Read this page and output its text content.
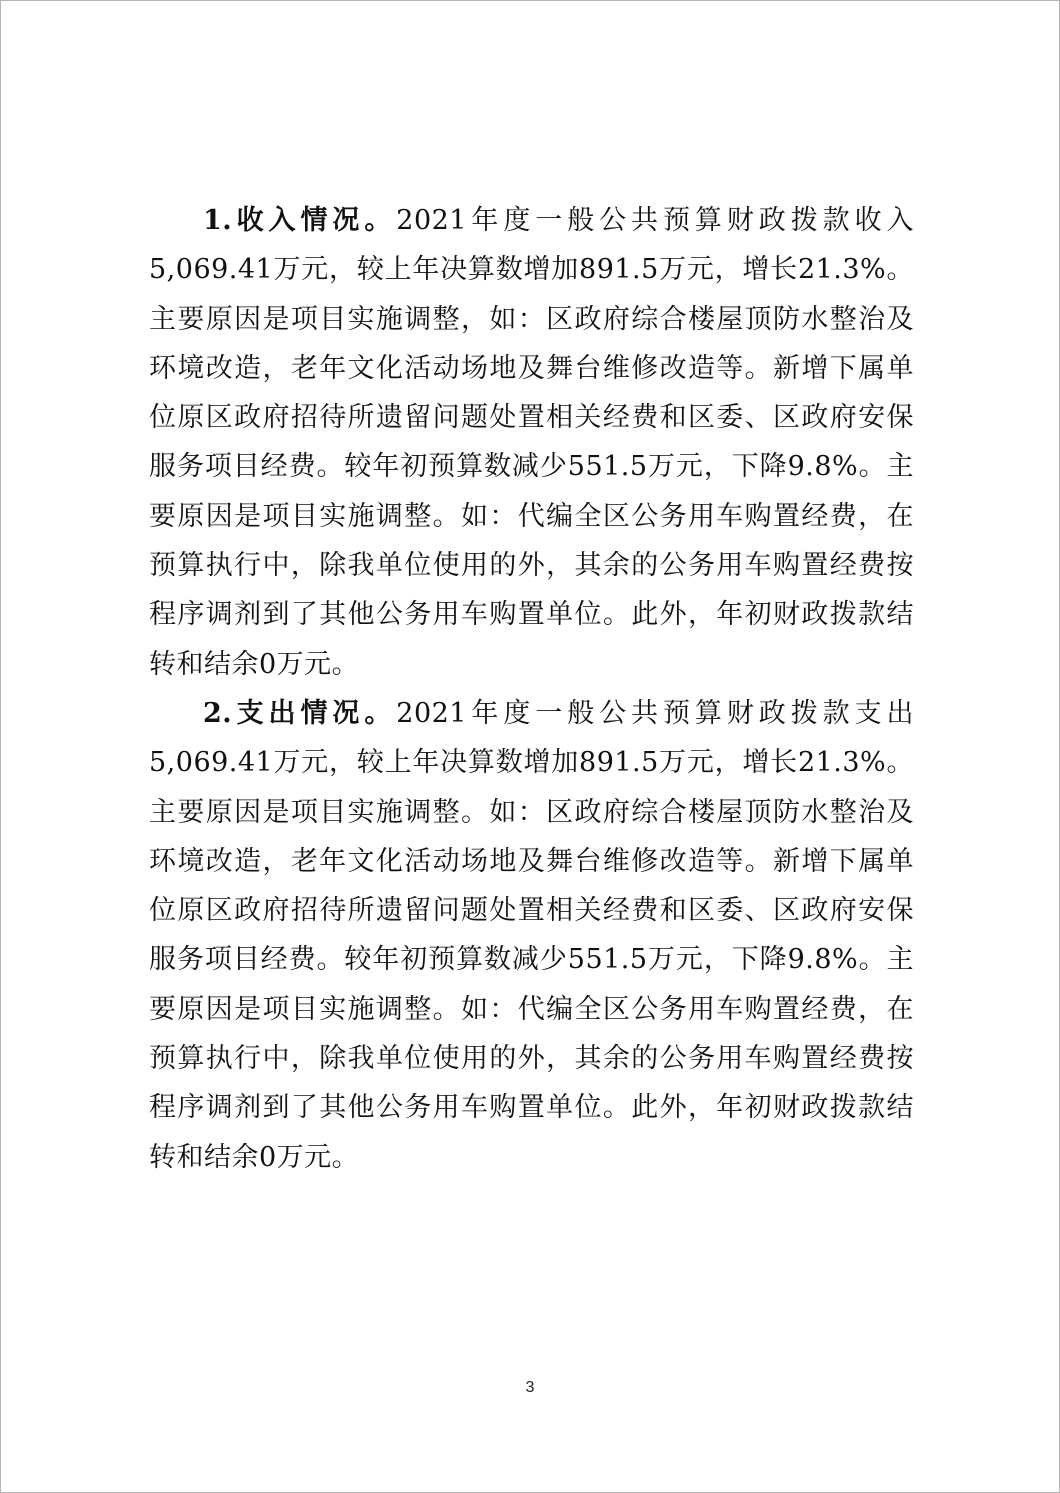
1.收入情况。2021年度一般公共预算财政拨款收入5,069.41万元，较上年决算数增加891.5万元，增长21.3%。主要原因是项目实施调整，如：区政府综合楼屋顶防水整治及环境改造，老年文化活动场地及舞台维修改造等。新增下属单位原区政府招待所遗留问题处置相关经费和区委、区政府安保服务项目经费。较年初预算数减少551.5万元，下降9.8%。主要原因是项目实施调整。如：代编全区公务用车购置经费，在预算执行中，除我单位使用的外，其余的公务用车购置经费按程序调剂到了其他公务用车购置单位。此外，年初财政拨款结转和结余0万元。

2.支出情况。2021年度一般公共预算财政拨款支出5,069.41万元，较上年决算数增加891.5万元，增长21.3%。主要原因是项目实施调整。如：区政府综合楼屋顶防水整治及环境改造，老年文化活动场地及舞台维修改造等。新增下属单位原区政府招待所遗留问题处置相关经费和区委、区政府安保服务项目经费。较年初预算数减少551.5万元，下降9.8%。主要原因是项目实施调整。如：代编全区公务用车购置经费，在预算执行中，除我单位使用的外，其余的公务用车购置经费按程序调剂到了其他公务用车购置单位。此外，年初财政拨款结转和结余0万元。

3
